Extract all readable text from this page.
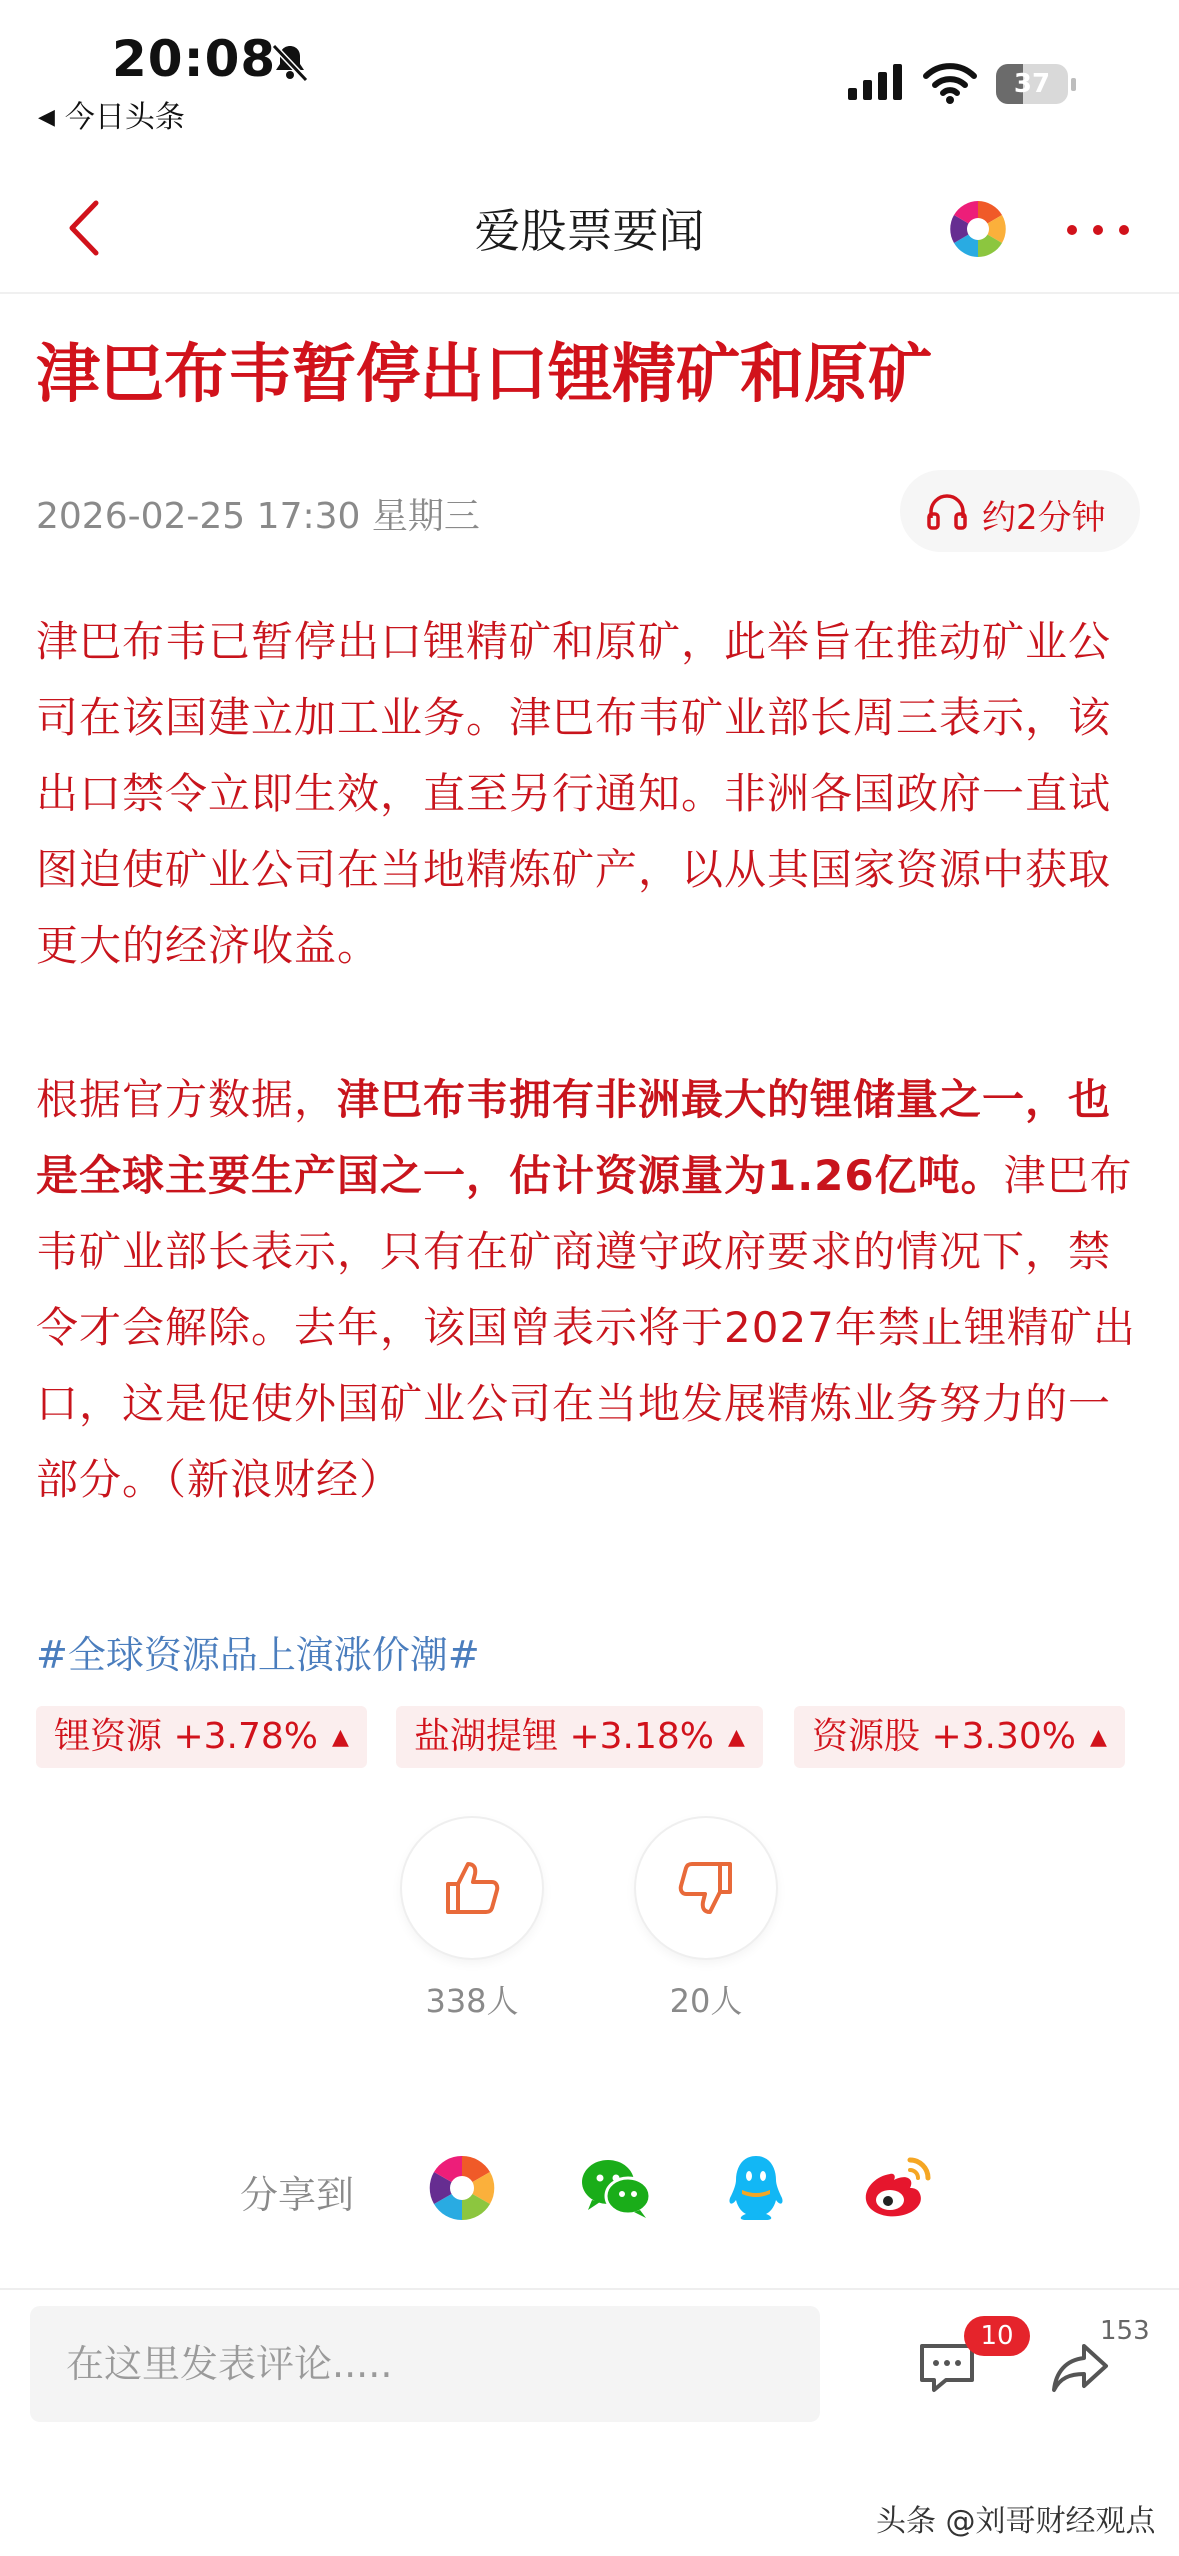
20:08
◀ 今日头条
37
爱股票要闻
津巴布韦暂停出口锂精矿和原矿
2026-02-25 17:30 星期三	约2分钟

津巴布韦已暂停出口锂精矿和原矿，此举旨在推动矿业公司在该国建立加工业务。津巴布韦矿业部长周三表示，该出口禁令立即生效，直至另行通知。非洲各国政府一直试图迫使矿业公司在当地精炼矿产，以从其国家资源中获取更大的经济收益。

根据官方数据，津巴布韦拥有非洲最大的锂储量之一，也是全球主要生产国之一，估计资源量为1.26亿吨。津巴布韦矿业部长表示，只有在矿商遵守政府要求的情况下，禁令才会解除。去年，该国曾表示将于2027年禁止锂精矿出口，这是促使外国矿业公司在当地发展精炼业务努力的一部分。（新浪财经）

#全球资源品上演涨价潮#
锂资源 +3.78% ▲	盐湖提锂 +3.18% ▲	资源股 +3.30% ▲
338人	20人
分享到
在这里发表评论.....
10	153
头条 @刘哥财经观点
